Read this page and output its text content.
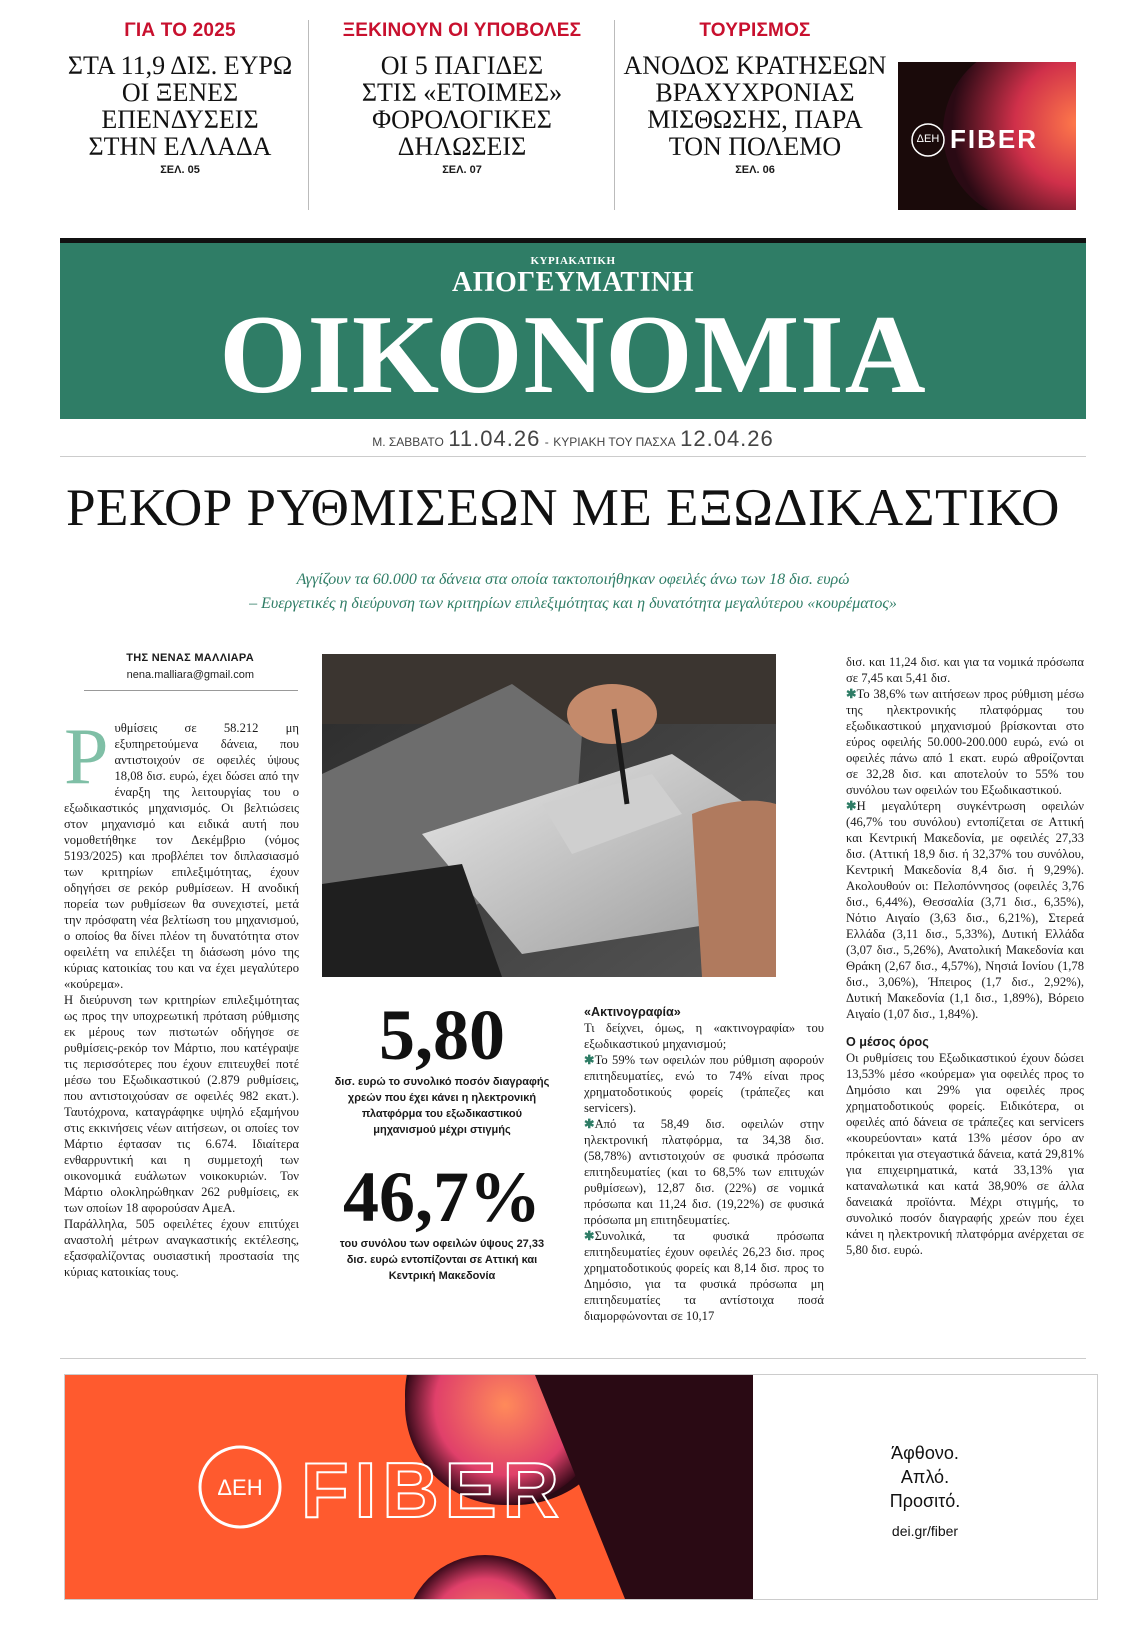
ΓΙΑ ΤΟ 2025
ΣΤΑ 11,9 ΔΙΣ. ΕΥΡΩ
ΟΙ ΞΕΝΕΣ
ΕΠΕΝΔΥΣΕΙΣ
ΣΤΗΝ ΕΛΛΑΔΑ
ΣΕΛ. 05
ΞΕΚΙΝΟΥΝ ΟΙ ΥΠΟΒΟΛΕΣ
ΟΙ 5 ΠΑΓΙΔΕΣ
ΣΤΙΣ «ΕΤΟΙΜΕΣ»
ΦΟΡΟΛΟΓΙΚΕΣ
ΔΗΛΩΣΕΙΣ
ΣΕΛ. 07
ΤΟΥΡΙΣΜΟΣ
ΑΝΟΔΟΣ ΚΡΑΤΗΣΕΩΝ
ΒΡΑΧΥΧΡΟΝΙΑΣ
ΜΙΣΘΩΣΗΣ, ΠΑΡΑ
ΤΟΝ ΠΟΛΕΜΟ
ΣΕΛ. 06
ΔΕΗ FIBER
ΚΥΡΙΑΚΑΤΙΚΗ
ΑΠΟΓΕΥΜΑΤΙΝΗ
ΟΙΚΟΝΟΜΙΑ
Μ. ΣΑΒΒΑΤΟ 11.04.26 - ΚΥΡΙΑΚΗ ΤΟΥ ΠΑΣΧΑ 12.04.26
ΡΕΚΟΡ ΡΥΘΜΙΣΕΩΝ ΜΕ ΕΞΩΔΙΚΑΣΤΙΚΟ
Αγγίζουν τα 60.000 τα δάνεια στα οποία τακτοποιήθηκαν οφειλές άνω των 18 δισ. ευρώ
– Ευεργετικές η διεύρυνση των κριτηρίων επιλεξιμότητας και η δυνατότητα μεγαλύτερου «κουρέματος»
ΤΗΣ ΝΕΝΑΣ ΜΑΛΛΙΑΡΑ
nena.malliara@gmail.com

Ρυθμίσεις σε 58.212 μη εξυπηρετούμενα δάνεια, που αντιστοιχούν σε οφειλές ύψους 18,08 δισ. ευρώ, έχει δώσει από την έναρξη της λειτουργίας του ο εξωδικαστικός μηχανισμός. Οι βελτιώσεις στον μηχανισμό και ειδικά αυτή που νομοθετήθηκε τον Δεκέμβριο (νόμος 5193/2025) και προβλέπει τον διπλασιασμό των κριτηρίων επιλεξιμότητας, έχουν οδηγήσει σε ρεκόρ ρυθμίσεων. Η ανοδική πορεία των ρυθμίσεων θα συνεχιστεί, μετά την πρόσφατη νέα βελτίωση του μηχανισμού, ο οποίος θα δίνει πλέον τη δυνατότητα στον οφειλέτη να επιλέξει τη διάσωση μόνο της κύριας κατοικίας του και να έχει μεγαλύτερο «κούρεμα».

Η διεύρυνση των κριτηρίων επιλεξιμότητας ως προς την υποχρεωτική πρόταση ρύθμισης εκ μέρους των πιστωτών οδήγησε σε ρυθμίσεις-ρεκόρ τον Μάρτιο, που κατέγραψε τις περισσότερες που έχουν επιτευχθεί ποτέ μέσω του Εξωδικαστικού (2.879 ρυθμίσεις, που αντιστοιχούσαν σε οφειλές 982 εκατ.). Ταυτόχρονα, καταγράφηκε υψηλό εξαμήνου στις εκκινήσεις νέων αιτήσεων, οι οποίες τον Μάρτιο έφτασαν τις 6.674. Ιδιαίτερα ενθαρρυντική και η συμμετοχή των οικονομικά ευάλωτων νοικοκυριών. Τον Μάρτιο ολοκληρώθηκαν 262 ρυθμίσεις, εκ των οποίων 18 αφορούσαν ΑμεΑ.

Παράλληλα, 505 οφειλέτες έχουν επιτύχει αναστολή μέτρων αναγκαστικής εκτέλεσης, εξασφαλίζοντας ουσιαστική προστασία της κύριας κατοικίας τους.

5,80
δισ. ευρώ το συνολικό ποσόν διαγραφής χρεών που έχει κάνει η ηλεκτρονική πλατφόρμα του εξωδικαστικού μηχανισμού μέχρι στιγμής
46,7%
του συνόλου των οφειλών ύψους 27,33 δισ. ευρώ εντοπίζονται σε Αττική και Κεντρική Μακεδονία

«Ακτινογραφία»

Τι δείχνει, όμως, η «ακτινογραφία» του εξωδικαστικού μηχανισμού;

✱Το 59% των οφειλών που ρύθμιση αφορούν επιτηδευματίες, ενώ το 74% είναι προς χρηματοδοτικούς φορείς (τράπεζες και servicers).

✱Από τα 58,49 δισ. οφειλών στην ηλεκτρονική πλατφόρμα, τα 34,38 δισ. (58,78%) αντιστοιχούν σε φυσικά πρόσωπα επιτηδευματίες (και το 68,5% των επιτυχών ρυθμίσεων), 12,87 δισ. (22%) σε νομικά πρόσωπα και 11,24 δισ. (19,22%) σε φυσικά πρόσωπα μη επιτηδευματίες.

✱Συνολικά, τα φυσικά πρόσωπα επιτηδευματίες έχουν οφειλές 26,23 δισ. προς χρηματοδοτικούς φορείς και 8,14 δισ. προς το Δημόσιο, για τα φυσικά πρόσωπα μη επιτηδευματίες τα αντίστοιχα ποσά διαμορφώνονται σε 10,17

δισ. και 11,24 δισ. και για τα νομικά πρόσωπα σε 7,45 και 5,41 δισ.

✱Το 38,6% των αιτήσεων προς ρύθμιση μέσω της ηλεκτρονικής πλατφόρμας του εξωδικαστικού μηχανισμού βρίσκονται στο εύρος οφειλής 50.000-200.000 ευρώ, ενώ οι οφειλές πάνω από 1 εκατ. ευρώ αθροίζονται σε 32,28 δισ. και αποτελούν το 55% του συνόλου των οφειλών του Εξωδικαστικού.

✱Η μεγαλύτερη συγκέντρωση οφειλών (46,7% του συνόλου) εντοπίζεται σε Αττική και Κεντρική Μακεδονία, με οφειλές 27,33 δισ. (Αττική 18,9 δισ. ή 32,37% του συνόλου, Κεντρική Μακεδονία 8,4 δισ. ή 9,29%). Ακολουθούν οι: Πελοπόννησος (οφειλές 3,76 δισ., 6,44%), Θεσσαλία (3,71 δισ., 6,35%), Νότιο Αιγαίο (3,63 δισ., 6,21%), Στερεά Ελλάδα (3,11 δισ., 5,33%), Δυτική Ελλάδα (3,07 δισ., 5,26%), Ανατολική Μακεδονία και Θράκη (2,67 δισ., 4,57%), Νησιά Ιονίου (1,78 δισ., 3,06%), Ήπειρος (1,7 δισ., 2,92%), Δυτική Μακεδονία (1,1 δισ., 1,89%), Βόρειο Αιγαίο (1,07 δισ., 1,84%).

Ο μέσος όρος

Οι ρυθμίσεις του Εξωδικαστικού έχουν δώσει 13,53% μέσο «κούρεμα» για οφειλές προς το Δημόσιο και 29% για οφειλές προς χρηματοδοτικούς φορείς. Ειδικότερα, οι οφειλές από δάνεια σε τράπεζες και servicers «κουρεύονται» κατά 13% μέσον όρο αν πρόκειται για στεγαστικά δάνεια, κατά 29,81% για επιχειρηματικά, κατά 33,13% για καταναλωτικά και κατά 38,90% σε άλλα δανειακά προϊόντα. Μέχρι στιγμής, το συνολικό ποσόν διαγραφής χρεών που έχει κάνει η ηλεκτρονική πλατφόρμα ανέρχεται σε 5,80 δισ. ευρώ.

ΔΕΗ FIBER	Άφθονο.
Απλό.
Προσιτό.
dei.gr/fiber
